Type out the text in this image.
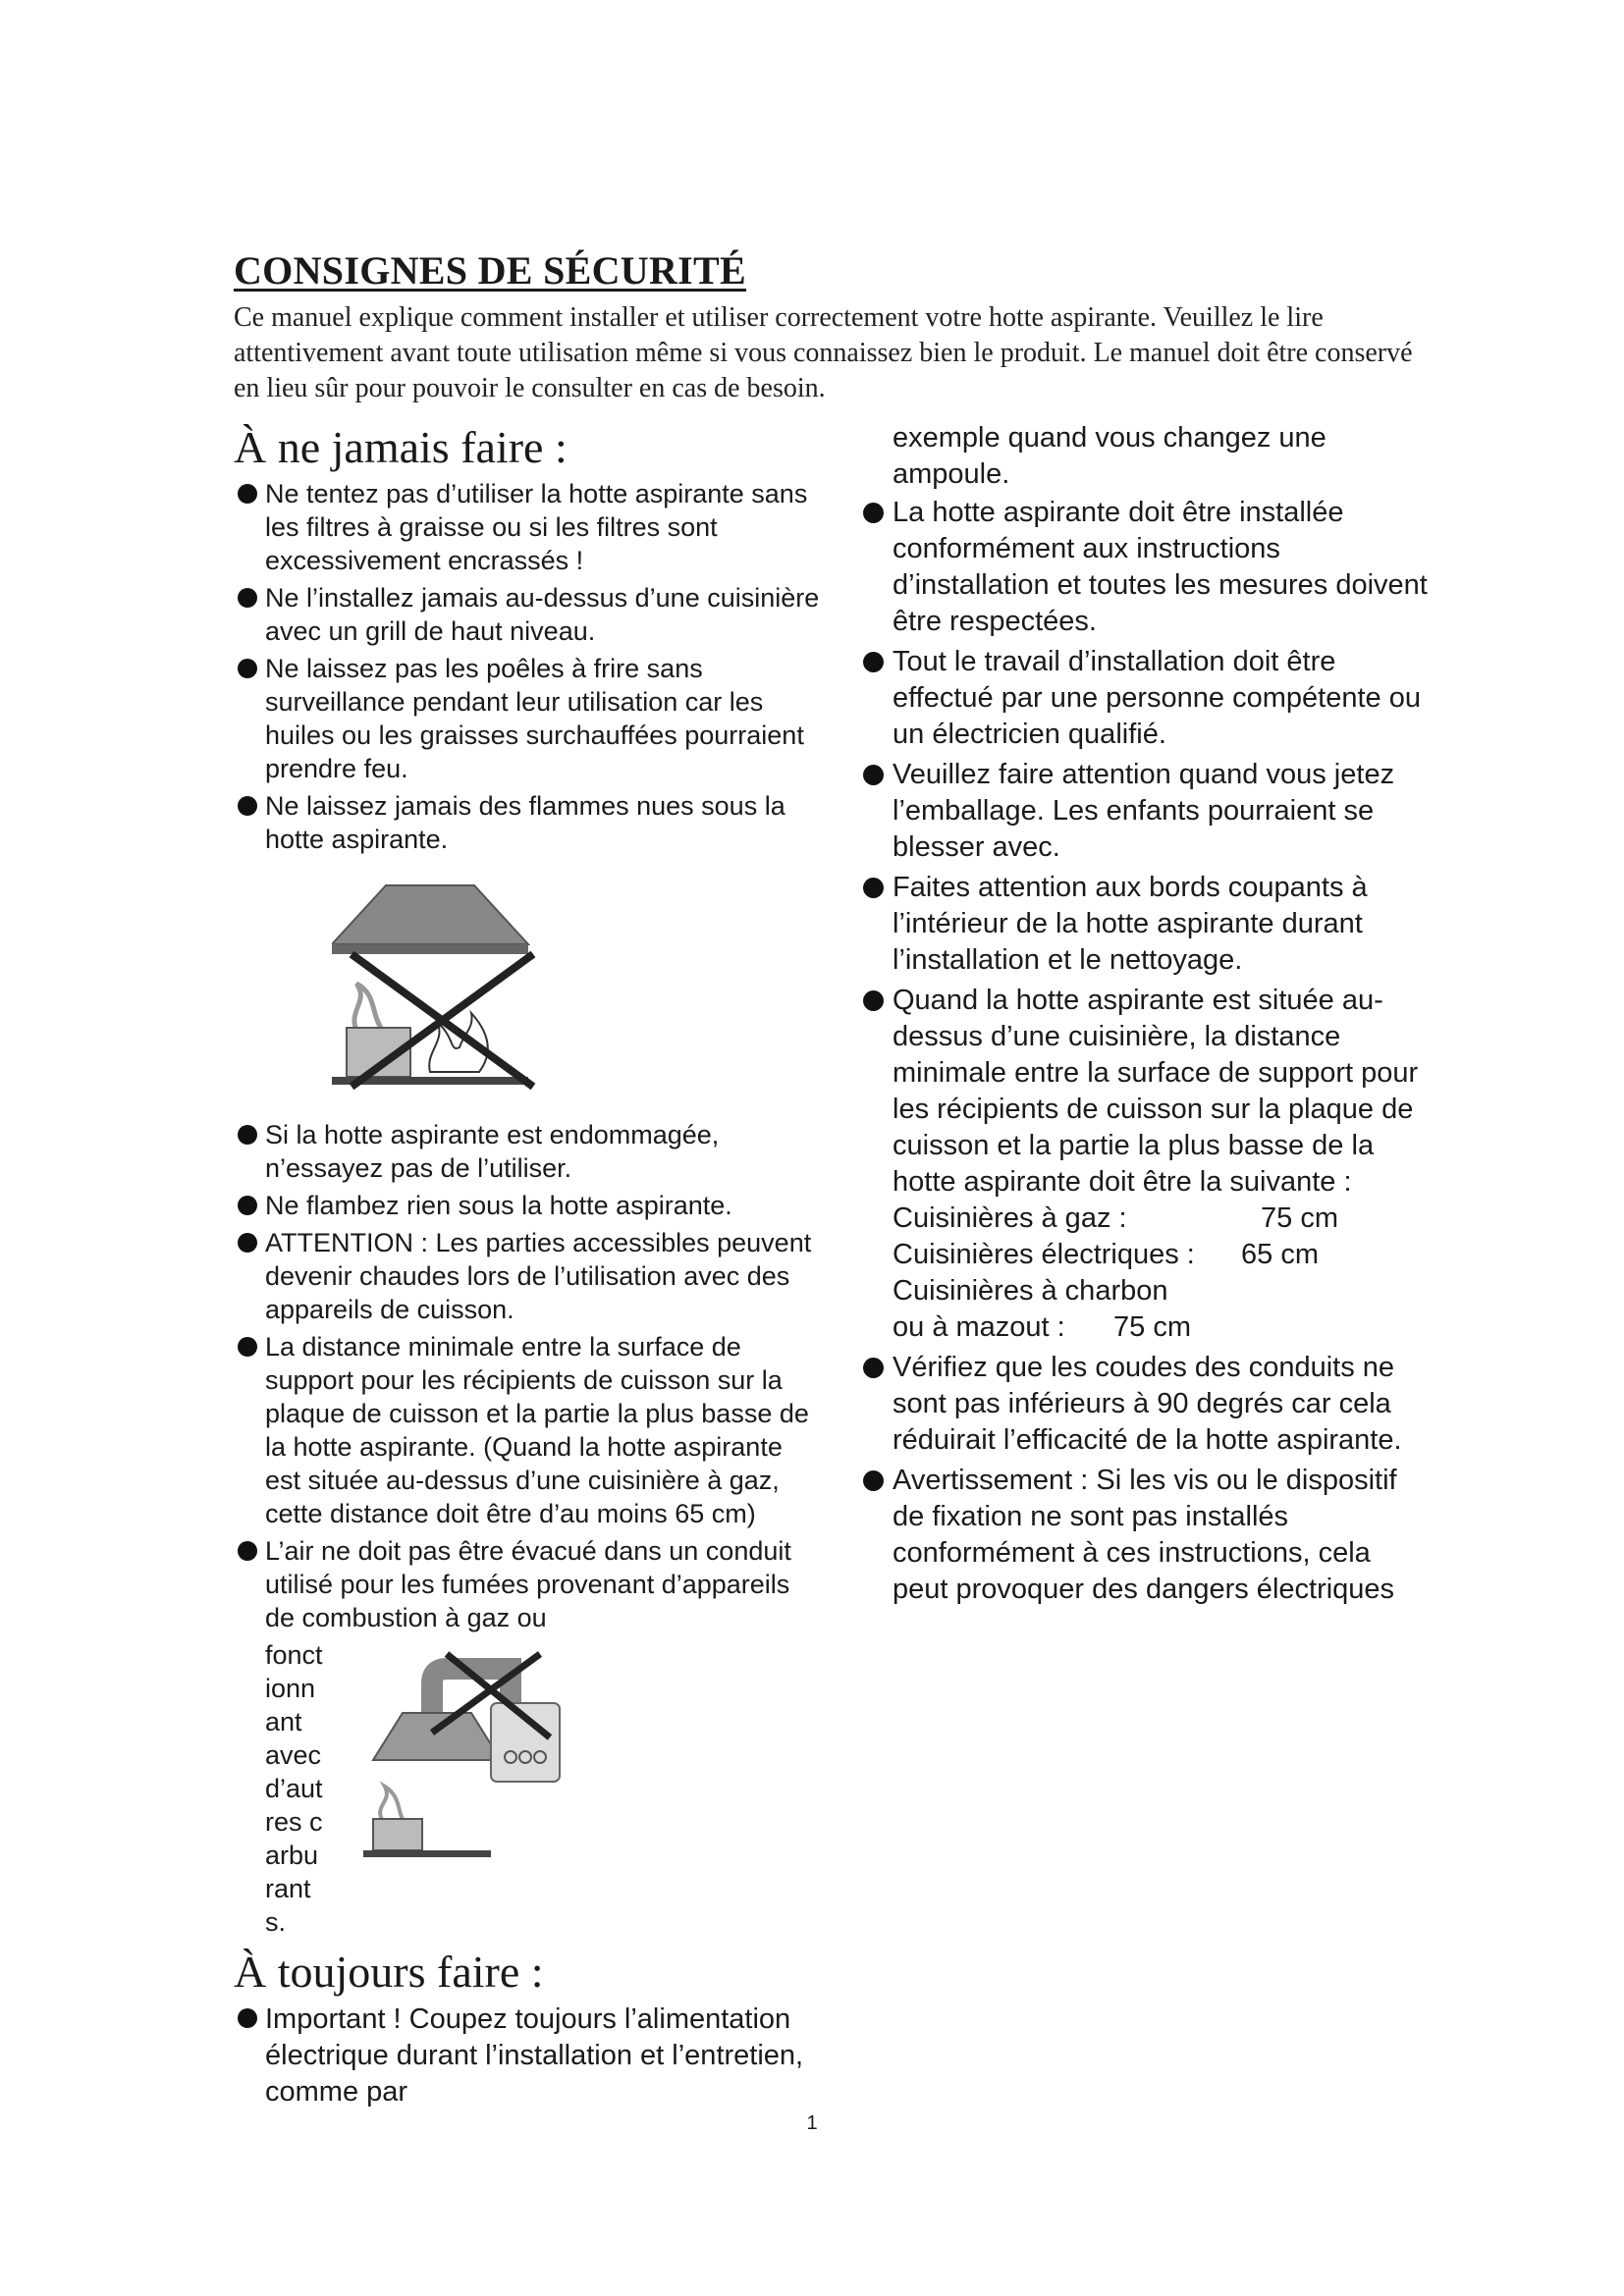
CONSIGNES DE SÉCURITÉ
Ce manuel explique comment installer et utiliser correctement votre hotte aspirante. Veuillez le lire attentivement avant toute utilisation même si vous connaissez bien le produit. Le manuel doit être conservé en lieu sûr pour pouvoir le consulter en cas de besoin.
À ne jamais faire :
Ne tentez pas d’utiliser la hotte aspirante sans les filtres à graisse ou si les filtres sont excessivement encrassés !
Ne l’installez jamais au-dessus d’une cuisinière avec un grill de haut niveau.
Ne laissez pas les poêles à frire sans surveillance pendant leur utilisation car les huiles ou les graisses surchauffées pourraient prendre feu.
Ne laissez jamais des flammes nues sous la hotte aspirante.
Si la hotte aspirante est endommagée, n’essayez pas de l’utiliser.
Ne flambez rien sous la hotte aspirante.
ATTENTION : Les parties accessibles peuvent devenir chaudes lors de l’utilisation avec des appareils de cuisson.
La distance minimale entre la surface de support pour les récipients de cuisson sur la plaque de cuisson et la partie la plus basse de la hotte aspirante. (Quand la hotte aspirante est située au-dessus d’une cuisinière à gaz, cette distance doit être d’au moins 65 cm)
L’air ne doit pas être évacué dans un conduit utilisé pour les fumées provenant d’appareils de combustion à gaz ou
fonctionnant avec d’autres carburants.
À toujours faire :
Important ! Coupez toujours l’alimentation électrique durant l’installation et l’entretien, comme par
exemple quand vous changez une ampoule.
La hotte aspirante doit être installée conformément aux instructions d’installation et toutes les mesures doivent être respectées.
Tout le travail d’installation doit être effectué par une personne compétente ou un électricien qualifié.
Veuillez faire attention quand vous jetez l’emballage. Les enfants pourraient se blesser avec.
Faites attention aux bords coupants à l’intérieur de la hotte aspirante durant l’installation et le nettoyage.
Quand la hotte aspirante est située au-dessus d’une cuisinière, la distance minimale entre la surface de support pour les récipients de cuisson sur la plaque de cuisson et la partie la plus basse de la hotte aspirante doit être la suivante :
Cuisinières à gaz :	75 cm
Cuisinières électriques :	65 cm
Cuisinières à charbon
ou à mazout :	75 cm
Vérifiez que les coudes des conduits ne sont pas inférieurs à 90 degrés car cela réduirait l’efficacité de la hotte aspirante.
Avertissement : Si les vis ou le dispositif de fixation ne sont pas installés conformément à ces instructions, cela peut provoquer des dangers électriques
1
